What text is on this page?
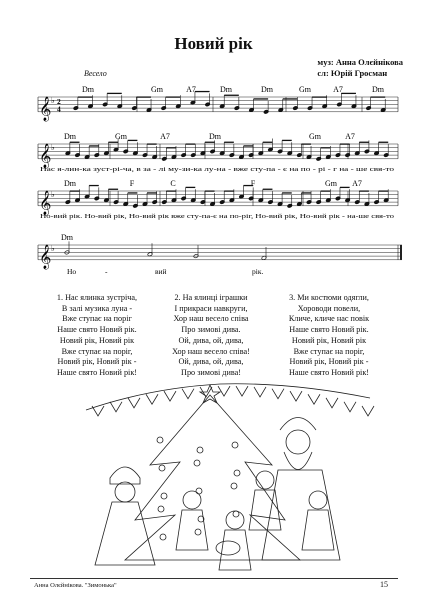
Новий рік
муз: Анна Олєйнікова
сл: Юрій Гросман
Весело
𝄞 ♭ 2
4
Dm	Gm	A7	Dm	Dm	Gm	A7	Dm
𝄞 ♭
Dm	Gm	A7	Dm	Gm	A7
Нас я-лин-ка зуст-рі-ча, в за - лі му-зи-ка лу-на - вже сту-па - є на по - рі - г на - ше свя-то
𝄞 ♭
Dm	F	C	F	Gm A7
Но-вий рік. Но-вий рік, Но-вий рік вже сту-па-є на по-ріг, Но-вий рік, Но-вий рік - на-ше свя-то
𝄞 ♭
Dm
Но	-	вий	рік.
1. Нас ялинка зустріча,
В залі музика луна -
Вже ступає на поріг
Наше свято Новий рік.
Новий рік, Новий рік
Вже ступає на поріг,
Новий рік, Новий рік -
Наше свято Новий рік!
2. На ялинці іграшки
І прикраси навкруги,
Хор наш весело співа
Про зимові дива.
Ой, дива, ой, дива,
Хор наш весело співа!
Ой, дива, ой, дива,
Про зимові дива!
3. Ми костюми одягли,
Хороводи повели,
Кличе, кличе нас повік
Наше свято Новий рік.
Новий рік, Новий рік
Вже ступає на поріг,
Новий рік, Новий рік -
Наше свято Новий рік!
Анна Олєйнікова. "Зимонька"	15
